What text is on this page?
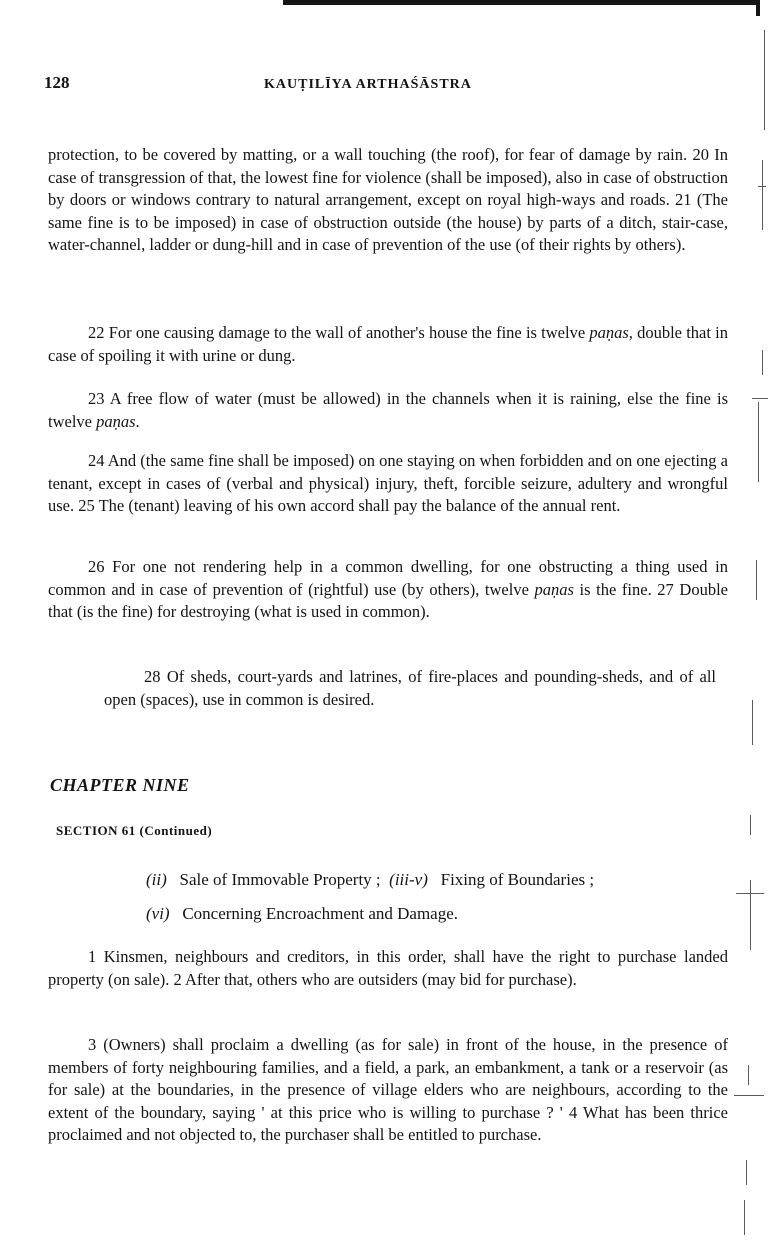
128	KAUṬILĪYA ARTHAŚĀSTRA

protection, to be covered by matting, or a wall touching (the roof), for fear of damage by rain. 20 In case of transgression of that, the lowest fine for violence (shall be imposed), also in case of obstruction by doors or windows contrary to natural arrangement, except on royal high-ways and roads. 21 (The same fine is to be imposed) in case of obstruction outside (the house) by parts of a ditch, stair-case, water-channel, ladder or dung-hill and in case of prevention of the use (of their rights by others).

22 For one causing damage to the wall of another's house the fine is twelve paṇas, double that in case of spoiling it with urine or dung.

23 A free flow of water (must be allowed) in the channels when it is raining, else the fine is twelve paṇas.

24 And (the same fine shall be imposed) on one staying on when forbidden and on one ejecting a tenant, except in cases of (verbal and physical) injury, theft, forcible seizure, adultery and wrongful use. 25 The (tenant) leaving of his own accord shall pay the balance of the annual rent.

26 For one not rendering help in a common dwelling, for one obstructing a thing used in common and in case of prevention of (rightful) use (by others), twelve paṇas is the fine. 27 Double that (is the fine) for destroying (what is used in common).

28 Of sheds, court-yards and latrines, of fire-places and pounding-sheds, and of all open (spaces), use in common is desired.

CHAPTER NINE
SECTION 61 (Continued)

(ii) Sale of Immovable Property ; (iii-v) Fixing of Boundaries ;

(vi) Concerning Encroachment and Damage.

1 Kinsmen, neighbours and creditors, in this order, shall have the right to purchase landed property (on sale). 2 After that, others who are outsiders (may bid for purchase).

3 (Owners) shall proclaim a dwelling (as for sale) in front of the house, in the presence of members of forty neighbouring families, and a field, a park, an embankment, a tank or a reservoir (as for sale) at the boundaries, in the presence of village elders who are neighbours, according to the extent of the boundary, saying ' at this price who is willing to purchase ? ' 4 What has been thrice proclaimed and not objected to, the purchaser shall be entitled to purchase.
